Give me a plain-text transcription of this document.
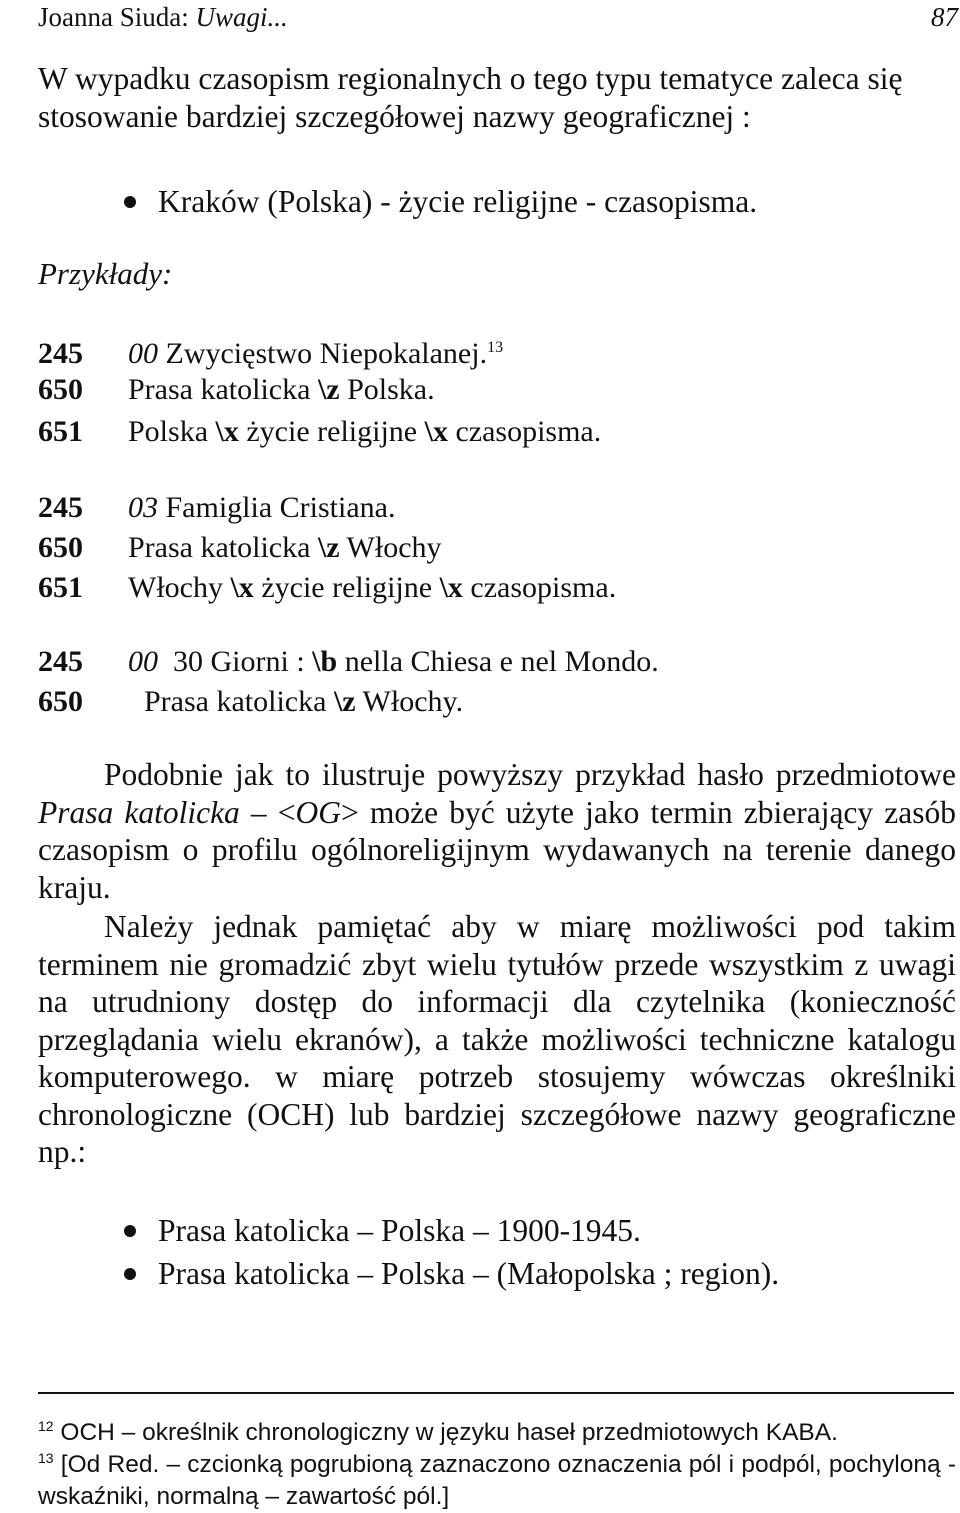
Joanna Siuda: Uwagi...	87
W wypadku czasopism regionalnych o tego typu tematyce zaleca się stosowanie bardziej szczegółowej nazwy geograficznej :
Kraków (Polska) - życie religijne - czasopisma.
Przykłady:
245 00 Zwycięstwo Niepokalanej.$^{13}$
650 Prasa katolicka \z Polska.
651 Polska \x życie religijne \x czasopisma.
245 03 Famiglia Cristiana.
650 Prasa katolicka \z Włochy
651 Włochy \x życie religijne \x czasopisma.
245 00 30 Giorni : \b nella Chiesa e nel Mondo.
650 Prasa katolicka \z Włochy.
Podobnie jak to ilustruje powyższy przykład hasło przedmiotowe Prasa katolicka – <OG> może być użyte jako termin zbierający zasób czasopism o profilu ogólnoreligijnym wydawanych na terenie danego kraju.
Należy jednak pamiętać aby w miarę możliwości pod takim terminem nie gromadzić zbyt wielu tytułów przede wszystkim z uwagi na utrudniony dostęp do informacji dla czytelnika (konieczność przeglądania wielu ekranów), a także możliwości techniczne katalogu komputerowego. w miarę potrzeb stosujemy wówczas określniki chronologiczne (OCH) lub bardziej szczegółowe nazwy geograficzne np.:
Prasa katolicka – Polska – 1900-1945.
Prasa katolicka – Polska – (Małopolska ; region).
$^{12}$ OCH – określnik chronologiczny w języku haseł przedmiotowych KABA.
$^{13}$ [Od Red. – czcionką pogrubioną zaznaczono oznaczenia pól i podpól, pochyloną - wskaźniki, normalną – zawartość pól.]
